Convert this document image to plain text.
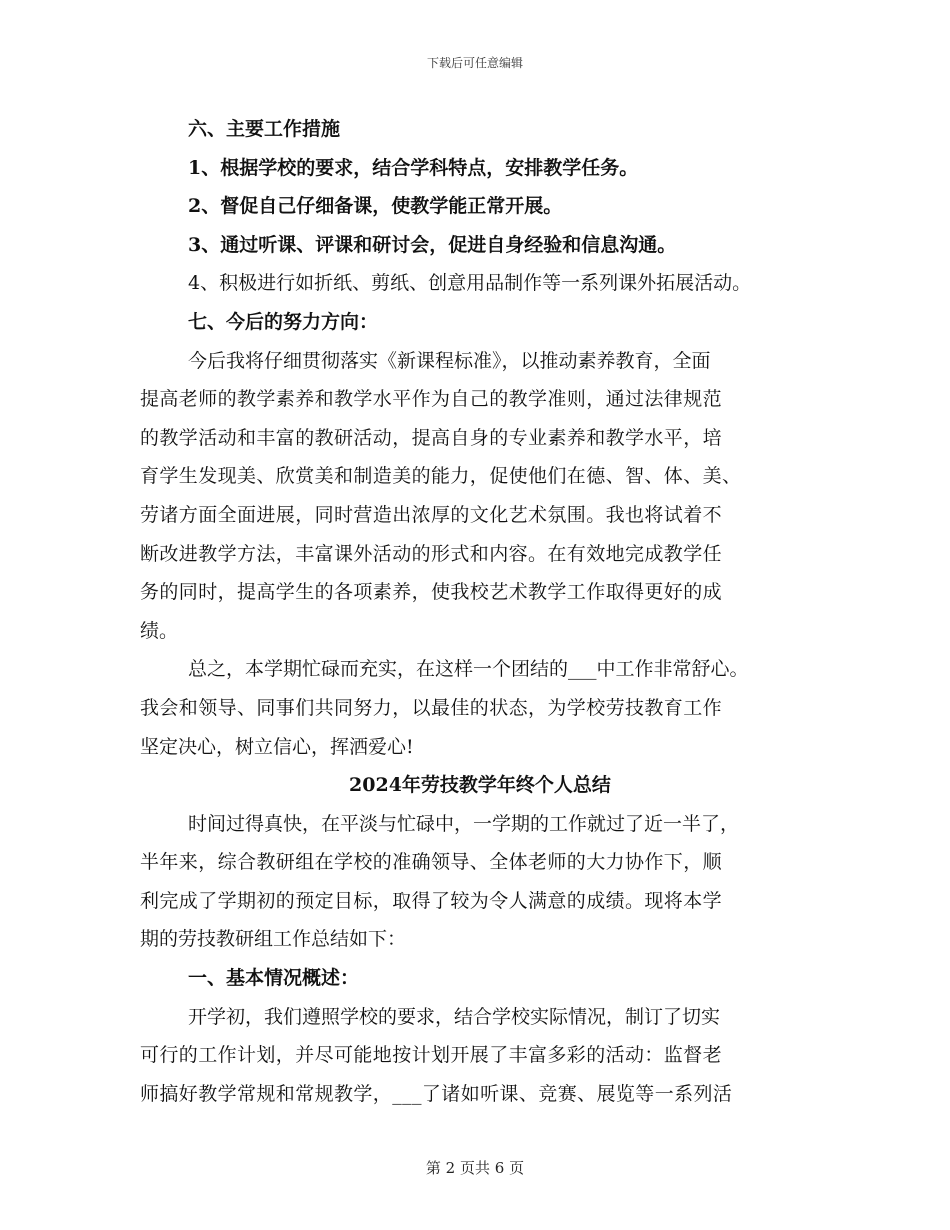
下载后可任意编辑
六、主要工作措施
1、根据学校的要求，结合学科特点，安排教学任务。
2、督促自己仔细备课，使教学能正常开展。
3、通过听课、评课和研讨会，促进自身经验和信息沟通。
4、积极进行如折纸、剪纸、创意用品制作等一系列课外拓展活动。
七、今后的努力方向：
今后我将仔细贯彻落实《新课程标准》，以推动素养教育，全面
提高老师的教学素养和教学水平作为自己的教学准则，通过法律规范
的教学活动和丰富的教研活动，提高自身的专业素养和教学水平，培
育学生发现美、欣赏美和制造美的能力，促使他们在德、智、体、美、
劳诸方面全面进展，同时营造出浓厚的文化艺术氛围。我也将试着不
断改进教学方法，丰富课外活动的形式和内容。在有效地完成教学任
务的同时，提高学生的各项素养，使我校艺术教学工作取得更好的成
绩。
总之，本学期忙碌而充实，在这样一个团结的___中工作非常舒心。
我会和领导、同事们共同努力，以最佳的状态，为学校劳技教育工作
坚定决心，树立信心，挥洒爱心!
2024年劳技教学年终个人总结
时间过得真快，在平淡与忙碌中，一学期的工作就过了近一半了，
半年来，综合教研组在学校的准确领导、全体老师的大力协作下，顺
利完成了学期初的预定目标，取得了较为令人满意的成绩。现将本学
期的劳技教研组工作总结如下：
一、基本情况概述：
开学初，我们遵照学校的要求，结合学校实际情况，制订了切实
可行的工作计划，并尽可能地按计划开展了丰富多彩的活动：监督老
师搞好教学常规和常规教学，___了诸如听课、竞赛、展览等一系列活
第 2 页共 6 页
